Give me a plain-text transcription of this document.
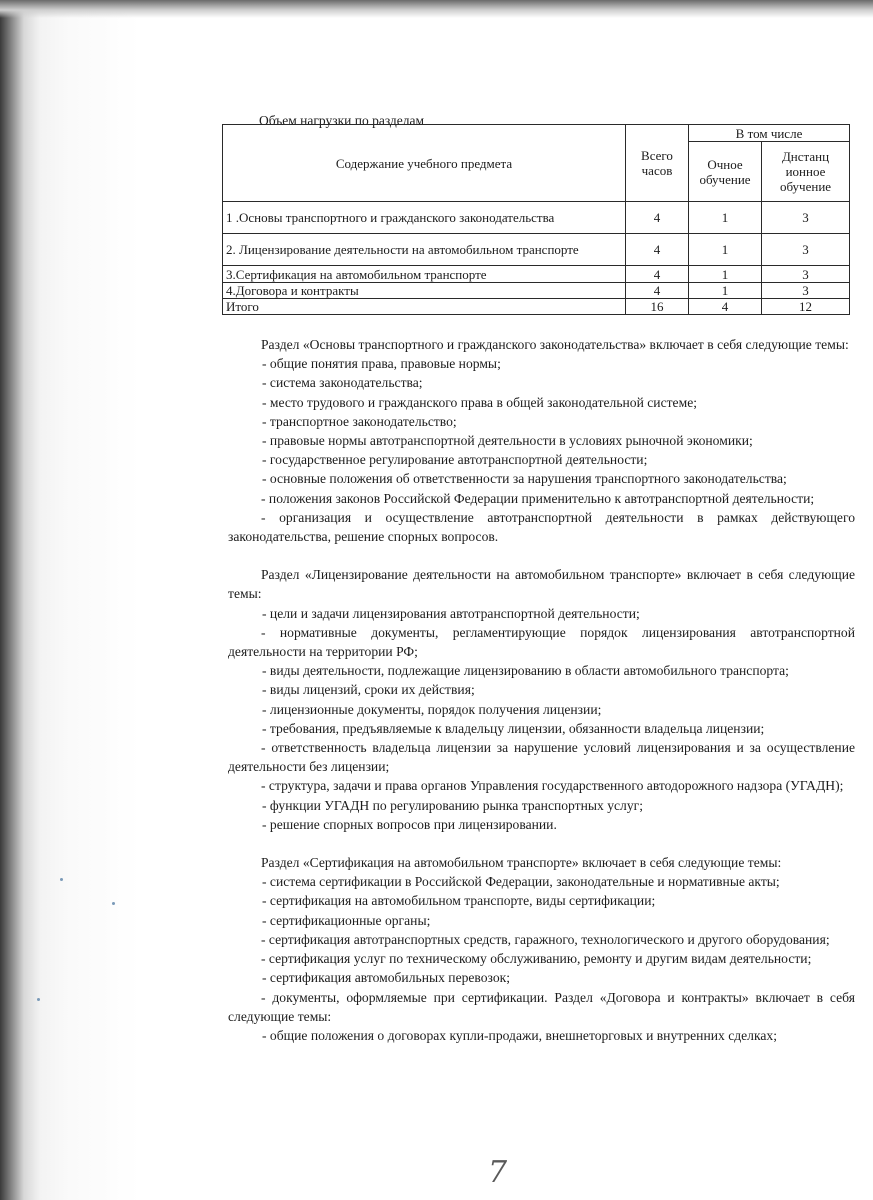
Объем нагрузки по разделам
Содержание учебного предмета	Всего часов	В том числе	
		Очное обучение	Днстанц ионное обучение
1 .Основы транспортного и гражданского законодательства	4	1	3
2. Лицензирование деятельности на автомобильном транспорте	4	1	3
3.Сертификация на автомобильном транспорте	4	1	3
4.Договора и контракты	4	1	3
Итого	16	4	12

Раздел «Основы транспортного и гражданского законодательства» включает в себя следующие темы:

- общие понятия права, правовые нормы;

- система законодательства;

- место трудового и гражданского права в общей законодательной системе;

- транспортное законодательство;

- правовые нормы автотранспортной деятельности в условиях рыночной экономики;

- государственное регулирование автотранспортной деятельности;

- основные положения об ответственности за нарушения транспортного законодательства;

- положения законов Российской Федерации применительно к автотранспортной деятельности;

- организация и осуществление автотранспортной деятельности в рамках действующего законодательства, решение спорных вопросов.

Раздел «Лицензирование деятельности на автомобильном транспорте» включает в себя следующие темы:

- цели и задачи лицензирования автотранспортной деятельности;

- нормативные документы, регламентирующие порядок лицензирования автотранспортной деятельности на территории РФ;

- виды деятельности, подлежащие лицензированию в области автомобильного транспорта;

- виды лицензий, сроки их действия;

- лицензионные документы, порядок получения лицензии;

- требования, предъявляемые к владельцу лицензии, обязанности владельца лицензии;

- ответственность владельца лицензии за нарушение условий лицензирования и за осуществление деятельности без лицензии;

- структура, задачи и права органов Управления государственного автодорожного надзора (УГАДН);

- функции УГАДН по регулированию рынка транспортных услуг;

- решение спорных вопросов при лицензировании.

Раздел «Сертификация на автомобильном транспорте» включает в себя следующие темы:

- система сертификации в Российской Федерации, законодательные и нормативные акты;

- сертификация на автомобильном транспорте, виды сертификации;

- сертификационные органы;

- сертификация автотранспортных средств, гаражного, технологического и другого оборудования;

- сертификация услуг по техническому обслуживанию, ремонту и другим видам деятельности;

- сертификация автомобильных перевозок;

- документы, оформляемые при сертификации. Раздел «Договора и контракты» включает в себя следующие темы:

- общие положения о договорах купли-продажи, внешнеторговых и внутренних сделках;

7
